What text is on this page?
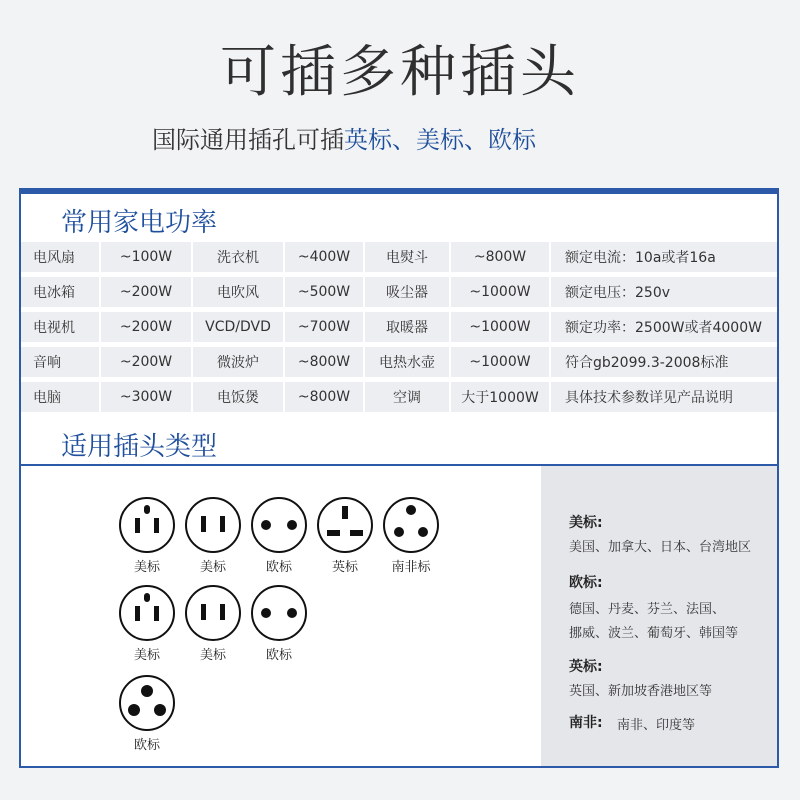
可插多种插头
国际通用插孔可插英标、美标、欧标
常用家电功率
电风扇	~100W	洗衣机	~400W	电熨斗	~800W	额定电流：10a或者16a
电冰箱	~200W	电吹风	~500W	吸尘器	~1000W	额定电压：250v
电视机	~200W	VCD/DVD	~700W	取暖器	~1000W	额定功率：2500W或者4000W
音响	~200W	微波炉	~800W	电热水壶	~1000W	符合gb2099.3-2008标准
电脑	~300W	电饭煲	~800W	空调	大于1000W	具体技术参数详见产品说明
适用插头类型
美标	美标	欧标	英标	南非标
美标	美标	欧标
欧标
美标:
美国、加拿大、日本、台湾地区
欧标:
德国、丹麦、芬兰、法国、
挪威、波兰、葡萄牙、韩国等
英标:
英国、新加坡香港地区等
南非: 南非、印度等
